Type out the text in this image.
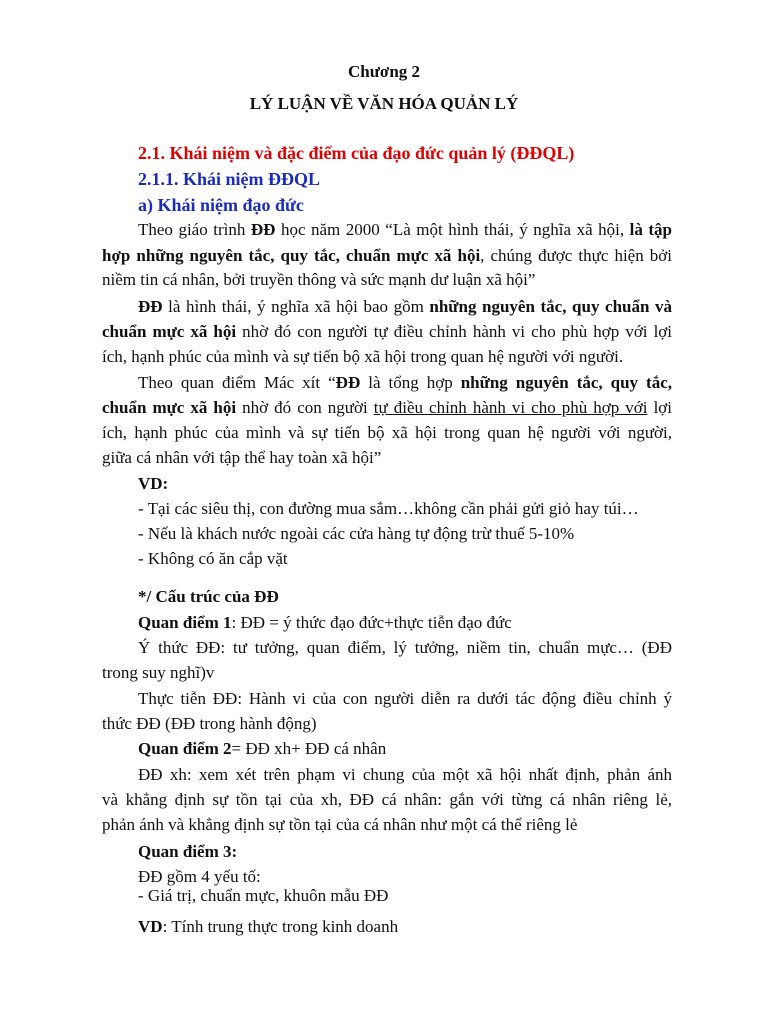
Chương 2
LÝ LUẬN VỀ VĂN HÓA QUẢN LÝ
2.1. Khái niệm và đặc điểm của đạo đức quản lý (ĐĐQL)
2.1.1. Khái niệm ĐĐQL
a) Khái niệm đạo đức
Theo giáo trình ĐĐ học năm 2000 “Là một hình thái, ý nghĩa xã hội, là tập
hợp những nguyên tắc, quy tắc, chuẩn mực xã hội, chúng được thực hiện bởi
niềm tin cá nhân, bởi truyền thông và sức mạnh dư luận xã hội”
ĐĐ là hình thái, ý nghĩa xã hội bao gồm những nguyên tắc, quy chuẩn và
chuẩn mực xã hội nhờ đó con người tự điều chỉnh hành vi cho phù hợp với lợi
ích, hạnh phúc của mình và sự tiến bộ xã hội trong quan hệ người với người.
Theo quan điểm Mác xít “ĐĐ là tổng hợp những nguyên tắc, quy tắc,
chuẩn mực xã hội nhờ đó con người tự điều chỉnh hành vi cho phù hợp với lợi
ích, hạnh phúc của mình và sự tiến bộ xã hội trong quan hệ người với người,
giữa cá nhân với tập thể hay toàn xã hội”
VD:
- Tại các siêu thị, con đường mua sắm…không cần phải gửi giỏ hay túi…
- Nếu là khách nước ngoài các cửa hàng tự động trừ thuế 5-10%
- Không có ăn cắp vặt
*/ Cấu trúc của ĐĐ
Quan điểm 1: ĐĐ = ý thức đạo đức+thực tiễn đạo đức
Ý thức ĐĐ: tư tưởng, quan điểm, lý tưởng, niềm tin, chuẩn mực… (ĐĐ
trong suy nghĩ)v
Thực tiễn ĐĐ: Hành vi của con người diễn ra dưới tác động điều chỉnh ý
thức ĐĐ (ĐĐ trong hành động)
Quan điểm 2= ĐĐ xh+ ĐĐ cá nhân
ĐĐ xh: xem xét trên phạm vi chung của một xã hội nhất định, phản ánh
và khẳng định sự tồn tại của xh, ĐĐ cá nhân: gắn với từng cá nhân riêng lẻ,
phản ánh và khẳng định sự tồn tại của cá nhân như một cá thể riêng lẻ
Quan điểm 3:
ĐĐ gồm 4 yếu tố:
- Giá trị, chuẩn mực, khuôn mẫu ĐĐ
VD: Tính trung thực trong kinh doanh
